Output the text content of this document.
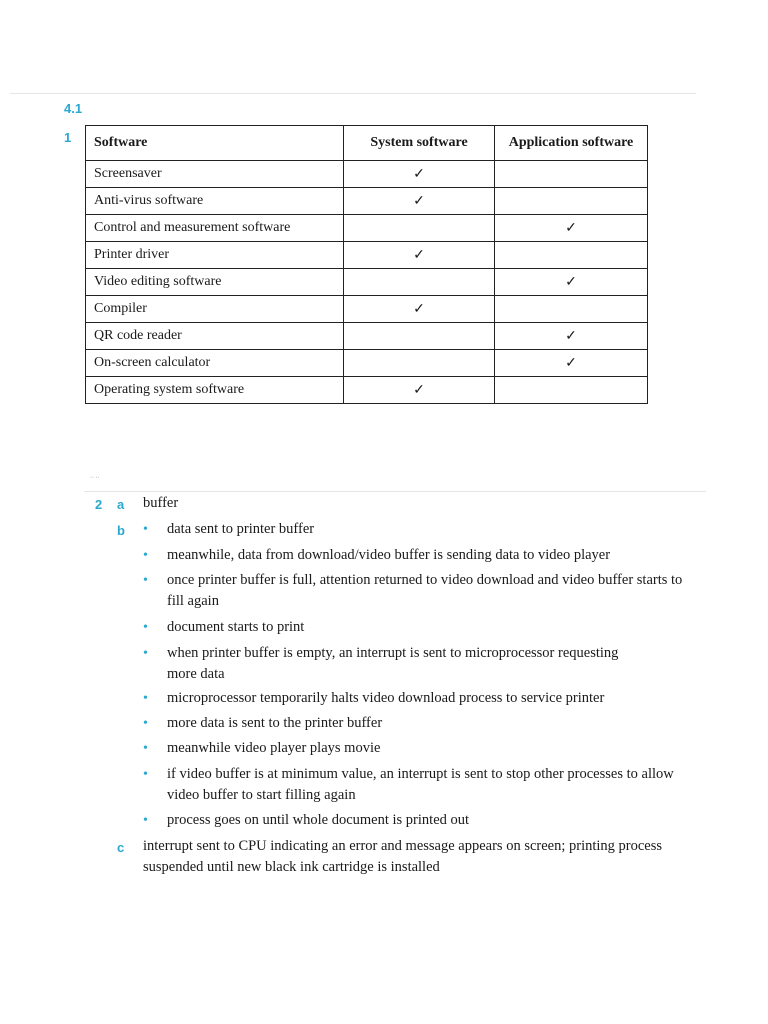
4.1
1 Software	System software	Application software
Screensaver	✓	
Anti-virus software	✓	
Control and measurement software		✓
Printer driver	✓	
Video editing software		✓
Compiler	✓	
QR code reader		✓
On-screen calculator		✓
Operating system software	✓	
·· ··
2 a buffer
b • data sent to printer buffer
• meanwhile, data from download/video buffer is sending data to video player
• once printer buffer is full, attention returned to video download and video buffer starts to fill again
• document starts to print
• when printer buffer is empty, an interrupt is sent to microprocessor requesting more data
• microprocessor temporarily halts video download process to service printer
• more data is sent to the printer buffer
• meanwhile video player plays movie
• if video buffer is at minimum value, an interrupt is sent to stop other processes to allow video buffer to start filling again
• process goes on until whole document is printed out
c interrupt sent to CPU indicating an error and message appears on screen; printing process suspended until new black ink cartridge is installed
